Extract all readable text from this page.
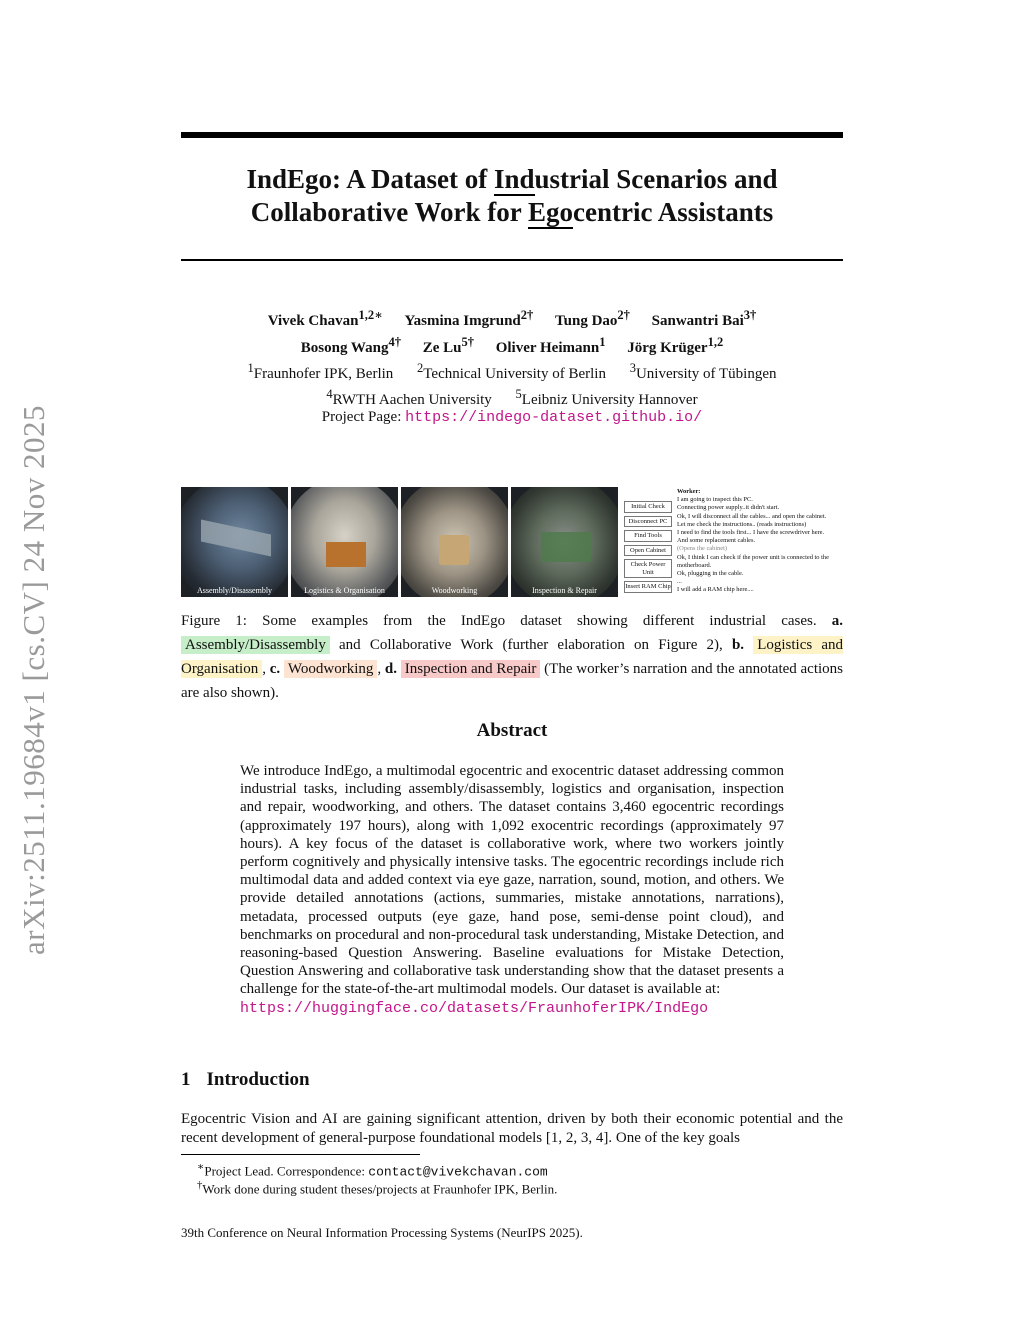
arXiv:2511.19684v1 [cs.CV] 24 Nov 2025
IndEgo: A Dataset of Industrial Scenarios and
Collaborative Work for Egocentric Assistants
Vivek Chavan$^{1,2∗}$ Yasmina Imgrund$^{2\dagger}$ Tung Dao$^{2\dagger}$ Sanwantri Bai$^{3\dagger}$
Bosong Wang$^{4\dagger}$ Ze $Lu^{5\dagger}$ Oliver Heimann$^1$ Jörg Krüger$^{1,2}$
$^1$Fraunhofer IPK, Berlin $^2$Technical University of Berlin $^3$University of Tübingen
$^4$RWTH Aachen University $^5$Leibniz University Hannover
Project Page: https://indego-dataset.github.io/
Assembly/Disassembly	Logistics & Organisation	Woodworking	Inspection & Repair
Initial Check
Disconnect PC
Find Tools
Open Cabinet
Check Power Unit
Insert RAM Chip
Worker:
I am going to inspect this PC.
Connecting power supply..it didn't start.
Ok, I will disconnect all the cables... and open the cabinet.
Let me check the instructions.. (reads instructions)
I need to find the tools first... I have the screwdriver here.
And some replacement cables.
(Opens the cabinet)
Ok, I think I can check if the power unit is connected to the motherboard.
Ok, plugging in the cable.
...
I will add a RAM chip here....
Figure 1: Some examples from the IndEgo dataset showing different industrial cases. a. Assembly/Disassembly and Collaborative Work (further elaboration on Figure 2), b. Logistics and Organisation , c. Woodworking , d. Inspection and Repair (The worker’s narration and the annotated actions are also shown).
Abstract
We introduce IndEgo, a multimodal egocentric and exocentric dataset addressing common industrial tasks, including assembly/disassembly, logistics and organisation, inspection and repair, woodworking, and others. The dataset contains 3,460 egocentric recordings (approximately 197 hours), along with 1,092 exocentric recordings (approximately 97 hours). A key focus of the dataset is collaborative work, where two workers jointly perform cognitively and physically intensive tasks. The egocentric recordings include rich multimodal data and added context via eye gaze, narration, sound, motion, and others. We provide detailed annotations (actions, summaries, mistake annotations, narrations), metadata, processed outputs (eye gaze, hand pose, semi-dense point cloud), and benchmarks on procedural and non-procedural task understanding, Mistake Detection, and reasoning-based Question Answering. Baseline evaluations for Mistake Detection, Question Answering and collaborative task understanding show that the dataset presents a challenge for the state-of-the-art multimodal models. Our dataset is available at:
https://huggingface.co/datasets/FraunhoferIPK/IndEgo
1 Introduction
Egocentric Vision and AI are gaining significant attention, driven by both their economic potential and the recent development of general-purpose foundational models [1, 2, 3, 4]. One of the key goals
∗Project Lead. Correspondence: contact@vivekchavan.com
†Work done during student theses/projects at Fraunhofer IPK, Berlin.
39th Conference on Neural Information Processing Systems (NeurIPS 2025).
